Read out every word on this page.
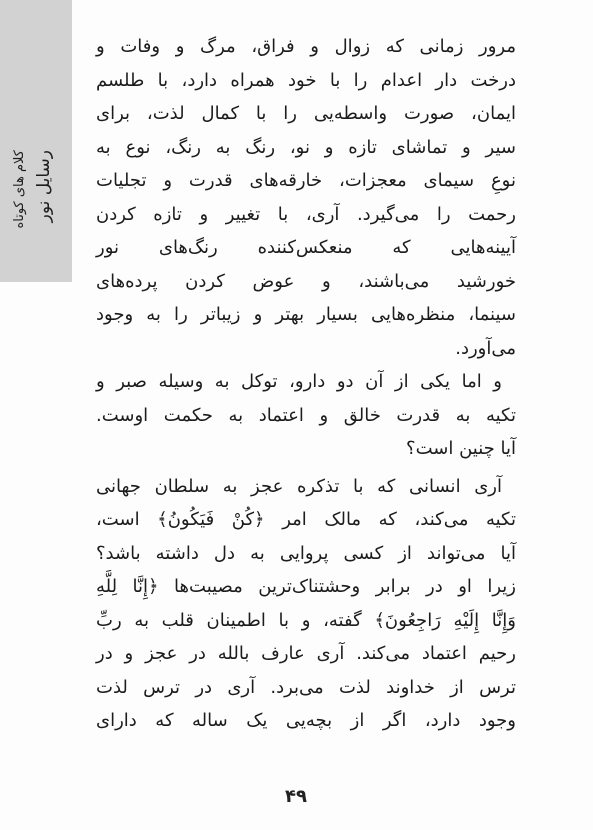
رسایل نور
کلام های کوتاه
مرور زمانی که زوال و فراق، مرگ و وفات و
درخت دار اعدام را با خود همراه دارد، با طلسم
ایمان، صورت واسطه‌یی را با کمال لذت، برای
سیر و تماشای تازه و نو، رنگ به رنگ، نوع به
نوعِ سیمای معجزات، خارقه‌های قدرت و تجلیات
رحمت را می‌گیرد. آری، با تغییر و تازه کردن
آیینه‌هایی که منعکس‌کننده رنگ‌های نور
خورشید می‌باشند، و عوض کردن پرده‌های
سینما، منظره‌هایی بسیار بهتر و زیباتر را به وجود
می‌آورد.
و اما یکی از آن دو دارو، توکل به وسیله صبر و
تکیه به قدرت خالق و اعتماد به حکمت اوست.
آیا چنین است؟
آری انسانی که با تذکره عجز به سلطان جهانی
تکیه می‌کند، که مالک امر ﴿كُنْ فَيَكُونُ﴾ است،
آیا می‌تواند از کسی پروایی به دل داشته باشد؟
زیرا او در برابر وحشتناک‌ترین مصیبت‌ها ﴿إِنَّا لِلَّهِ
وَإِنَّا إِلَيْهِ رَاجِعُونَ﴾ گفته، و با اطمینان قلب به ربِّ
رحیم اعتماد می‌کند. آری عارف بالله در عجز و در
ترس از خداوند لذت می‌برد. آری در ترس لذت
وجود دارد، اگر از بچه‌یی یک ساله که دارای
۴۹
